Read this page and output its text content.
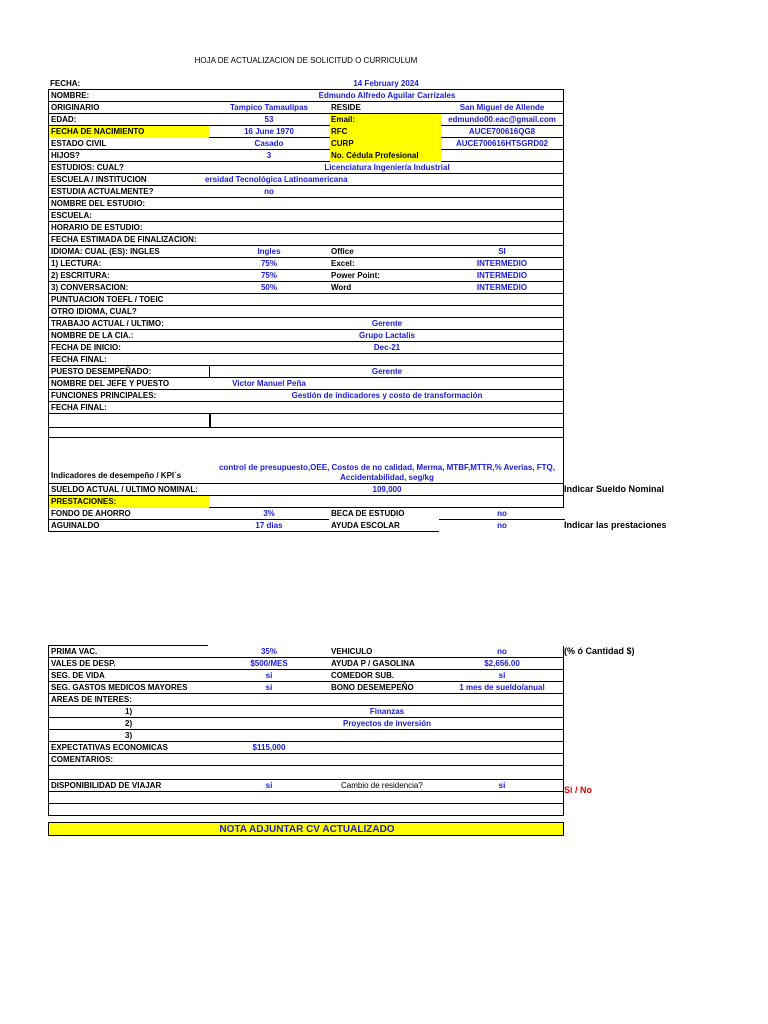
HOJA DE ACTUALIZACION DE SOLICITUD O CURRICULUM
FECHA:	14 February 2024
NOMBRE:	Edmundo Alfredo Aguilar Carrizales
ORIGINARIO	Tampico Tamaulipas	RESIDE	San Miguel de Allende
EDAD:	53	Email:	edmundo00.eac@gmail.com
FECHA DE NACIMIENTO	16 June 1970	RFC	AUCE700616QG8
ESTADO CIVIL	Casado	CURP	AUCE700616HTSGRD02
HIJOS?	3	No. Cédula Profesional
ESTUDIOS: CUAL?	Licenciatura Ingeniería Industrial
ESCUELA / INSTITUCION	ersidad Tecnológica Latinoamericana
ESTUDIA ACTUALMENTE?	no
NOMBRE DEL ESTUDIO:
ESCUELA:
HORARIO DE ESTUDIO:
FECHA ESTIMADA DE FINALIZACION:
IDIOMA: CUAL (ES): INGLES	Ingles	Office	SI
1) LECTURA:	75%	Excel:	INTERMEDIO
2) ESCRITURA:	75%	Power Point:	INTERMEDIO
3) CONVERSACION:	50%	Word	INTERMEDIO
PUNTUACION TOEFL / TOEIC
OTRO IDIOMA, CUAL?
TRABAJO ACTUAL / ULTIMO:	Gerente
NOMBRE DE LA CIA.:	Grupo Lactalis
FECHA DE INICIO:	Dec-21
FECHA FINAL:
PUESTO DESEMPEÑADO:	Gerente
NOMBRE DEL JEFE Y PUESTO	Victor Manuel Peña
FUNCIONES PRINCIPALES:	Gestión de indicadores y costo de transformación
FECHA FINAL:
Indicadores de desempeño / KPI´s
control de presupuesto,OEE, Costos de no calidad, Merma, MTBF,MTTR,% Averias, FTQ,
Accidentabilidad, seg/kg
SUELDO ACTUAL / ULTIMO NOMINAL:	109,000
PRESTACIONES:
FONDO DE AHORRO	3%	BECA DE ESTUDIO	no
AGUINALDO	17 dias	AYUDA ESCOLAR	no
Indicar Sueldo Nominal
Indicar las prestaciones
PRIMA VAC.	35%	VEHICULO	no
VALES DE DESP.	$500/MES	AYUDA P / GASOLINA	$2,656.00
SEG. DE VIDA	si	COMEDOR SUB.	si
SEG. GASTOS MEDICOS MAYORES	si	BONO DESEMEPEÑO	1 mes de sueldo/anual
AREAS DE INTERES:
1)	Finanzas
2)	Proyectos de inversión
3)
EXPECTATIVAS ECONOMICAS	$115,000
COMENTARIOS:
DISPONIBILIDAD DE VIAJAR	si	Cambio de residencia?	si
NOTA ADJUNTAR CV ACTUALIZADO
(% ó Cantidad $)
Si / No
